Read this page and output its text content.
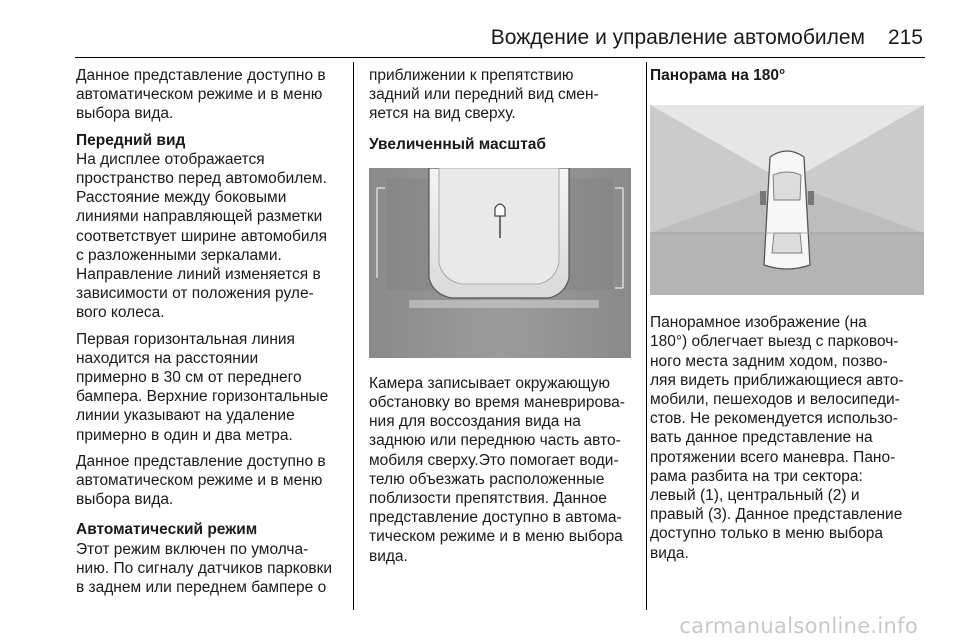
Вождение и управление автомобилем 215

Данное представление доступно в

автоматическом режиме и в меню

выбора вида.

Передний вид

На дисплее отображается

пространство перед автомобилем.

Расстояние между боковыми

линиями направляющей разметки

соответствует ширине автомобиля

с разложенными зеркалами.

Направление линий изменяется в

зависимости от положения руле-

вого колеса.

Первая горизонтальная линия

находится на расстоянии

примерно в 30 см от переднего

бампера. Верхние горизонтальные

линии указывают на удаление

примерно в один и два метра.

Данное представление доступно в

автоматическом режиме и в меню

выбора вида.

Автоматический режим

Этот режим включен по умолча-

нию. По сигналу датчиков парковки

в заднем или переднем бампере о

приближении к препятствию

задний или передний вид смен-

яется на вид сверху.

Увеличенный масштаб

Камера записывает окружающую

обстановку во время маневрирова-

ния для воссоздания вида на

заднюю или переднюю часть авто-

мобиля сверху.Это помогает води-

телю объезжать расположенные

поблизости препятствия. Данное

представление доступно в автома-

тическом режиме и в меню выбора

вида.

Панорама на 180°

Панорамное изображение (на

180°) облегчает выезд с парковоч-

ного места задним ходом, позво-

ляя видеть приближающиеся авто-

мобили, пешеходов и велосипеди-

стов. Не рекомендуется использо-

вать данное представление на

протяжении всего маневра. Пано-

рама разбита на три сектора:

левый (1), центральный (2) и

правый (3). Данное представление

доступно только в меню выбора

вида.

carmanualsonline.info
